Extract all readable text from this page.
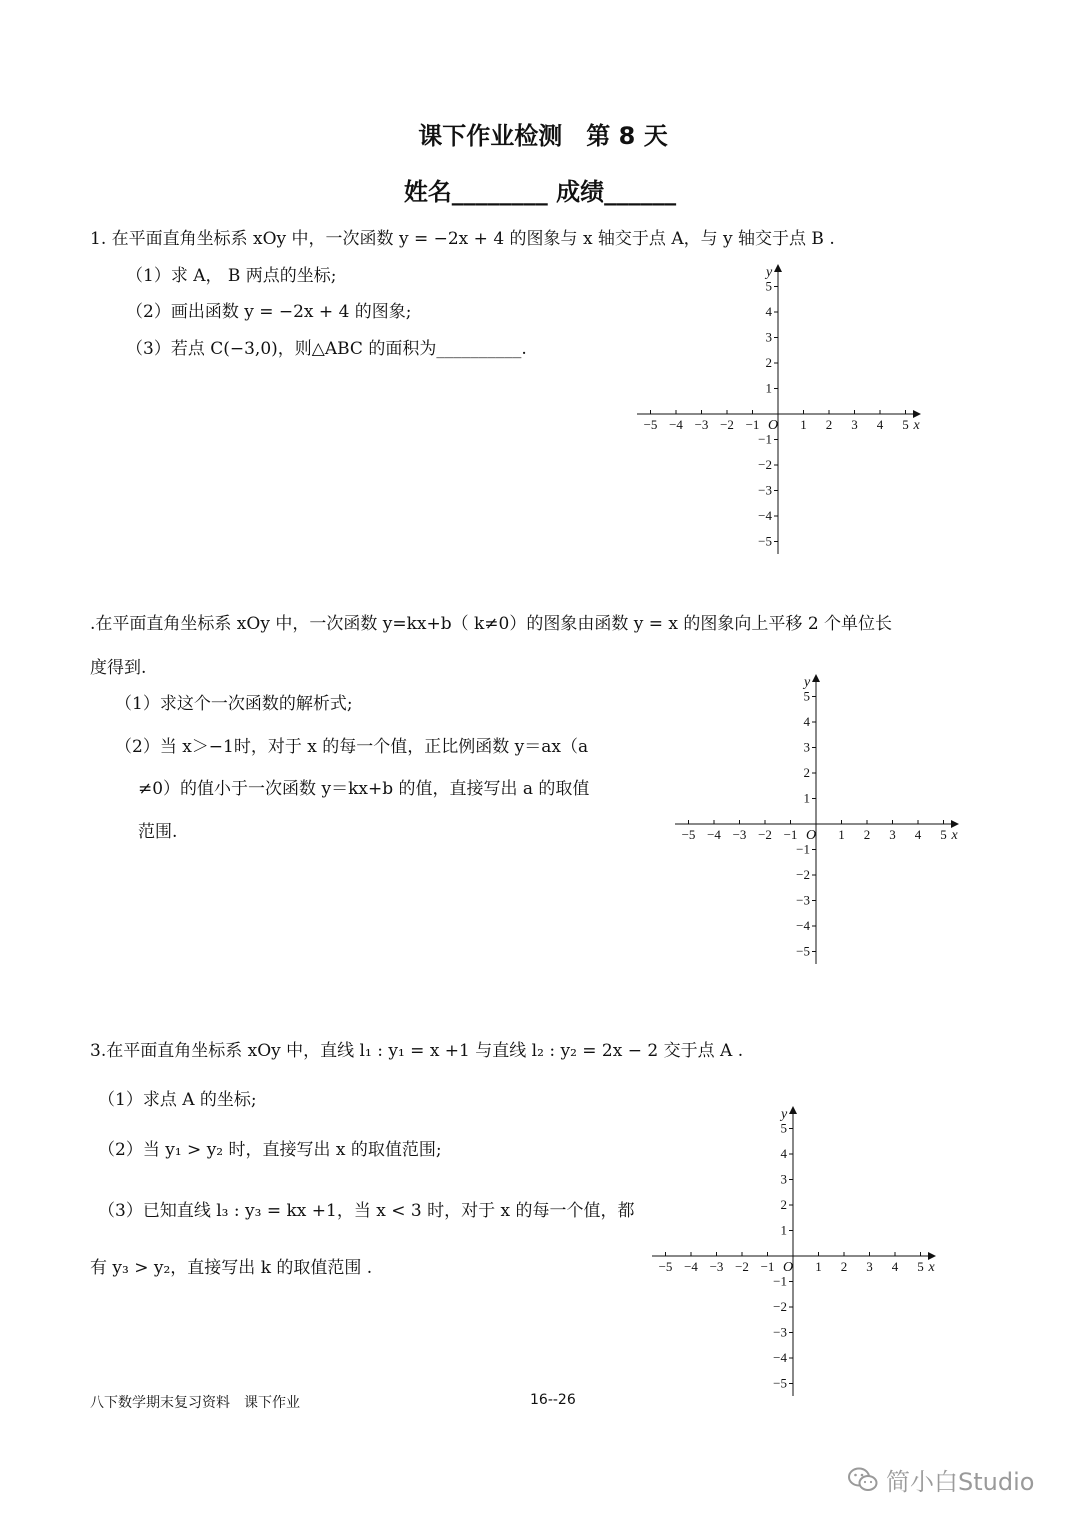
课下作业检测　第 8 天
姓名________ 成绩______
1. 在平面直角坐标系 xOy 中，一次函数 y = −2x + 4 的图象与 x 轴交于点 A，与 y 轴交于点 B .
（1）求 A， B 两点的坐标;
（2）画出函数 y = −2x + 4 的图象;
（3）若点 C(−3,0)，则△ABC 的面积为__________.
.在平面直角坐标系 xOy 中，一次函数 y=kx+b（ k≠0）的图象由函数 y = x 的图象向上平移 2 个单位长
度得到.
（1）求这个一次函数的解析式;
（2）当 x＞−1时，对于 x 的每一个值，正比例函数 y＝ax（a
≠0）的值小于一次函数 y＝kx+b 的值，直接写出 a 的取值
范围.
3.在平面直角坐标系 xOy 中，直线 l₁ : y₁ = x +1 与直线 l₂ : y₂ = 2x − 2 交于点 A .
（1）求点 A 的坐标;
（2）当 y₁ > y₂ 时，直接写出 x 的取值范围;
（3）已知直线 l₃ : y₃ = kx +1，当 x < 3 时，对于 x 的每一个值，都
有 y₃ > y₂，直接写出 k 的取值范围 .
−5
−5
−4
−4
−3
−3
−2
−2
−1
−1
1
1
2
2
3
3
4
4
5
5
O	x
y
−5
−5
−4
−4
−3
−3
−2
−2
−1
−1
1
1
2
2
3
3
4
4
5
5
O	x
y
−5
−5
−4
−4
−3
−3
−2
−2
−1
−1
1
1
2
2
3
3
4
4
5
5
O	x
y
八下数学期末复习资料　课下作业	16--26
简小白Studio
